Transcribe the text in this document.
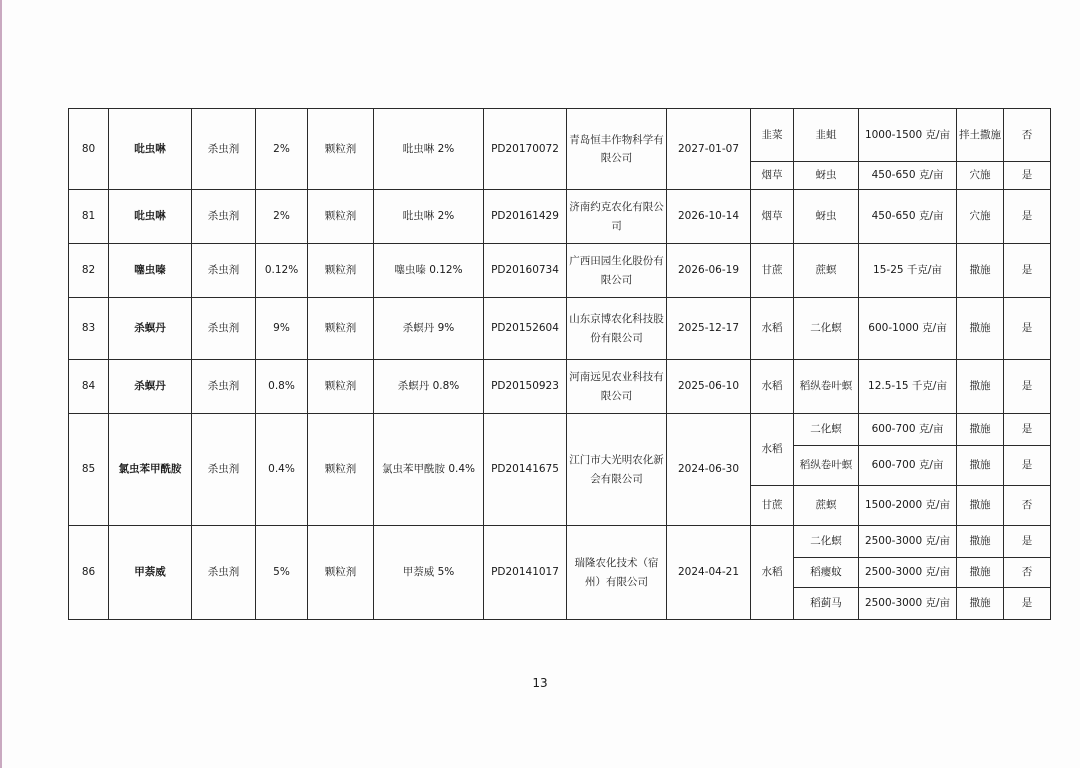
80	吡虫啉	杀虫剂	2%	颗粒剂	吡虫啉 2%	PD20170072	青岛恒丰作物科学有限公司	2027-01-07	韭菜	韭蛆	1000-1500 克/亩	拌土撒施	否
									烟草	蚜虫	450-650 克/亩	穴施	是
81	吡虫啉	杀虫剂	2%	颗粒剂	吡虫啉 2%	PD20161429	济南约克农化有限公司	2026-10-14	烟草	蚜虫	450-650 克/亩	穴施	是
82	噻虫嗪	杀虫剂	0.12%	颗粒剂	噻虫嗪 0.12%	PD20160734	广西田园生化股份有限公司	2026-06-19	甘蔗	蔗螟	15-25 千克/亩	撒施	是
83	杀螟丹	杀虫剂	9%	颗粒剂	杀螟丹 9%	PD20152604	山东京博农化科技股份有限公司	2025-12-17	水稻	二化螟	600-1000 克/亩	撒施	是
84	杀螟丹	杀虫剂	0.8%	颗粒剂	杀螟丹 0.8%	PD20150923	河南远见农业科技有限公司	2025-06-10	水稻	稻纵卷叶螟	12.5-15 千克/亩	撒施	是
85	氯虫苯甲酰胺	杀虫剂	0.4%	颗粒剂	氯虫苯甲酰胺 0.4%	PD20141675	江门市大光明农化新会有限公司	2024-06-30	水稻	二化螟	600-700 克/亩	撒施	是
										稻纵卷叶螟	600-700 克/亩	撒施	是
									甘蔗	蔗螟	1500-2000 克/亩	撒施	否
86	甲萘威	杀虫剂	5%	颗粒剂	甲萘威 5%	PD20141017	瑞隆农化技术（宿州）有限公司	2024-04-21	水稻	二化螟	2500-3000 克/亩	撒施	是
										稻瘿蚊	2500-3000 克/亩	撒施	否
										稻蓟马	2500-3000 克/亩	撒施	是
13
